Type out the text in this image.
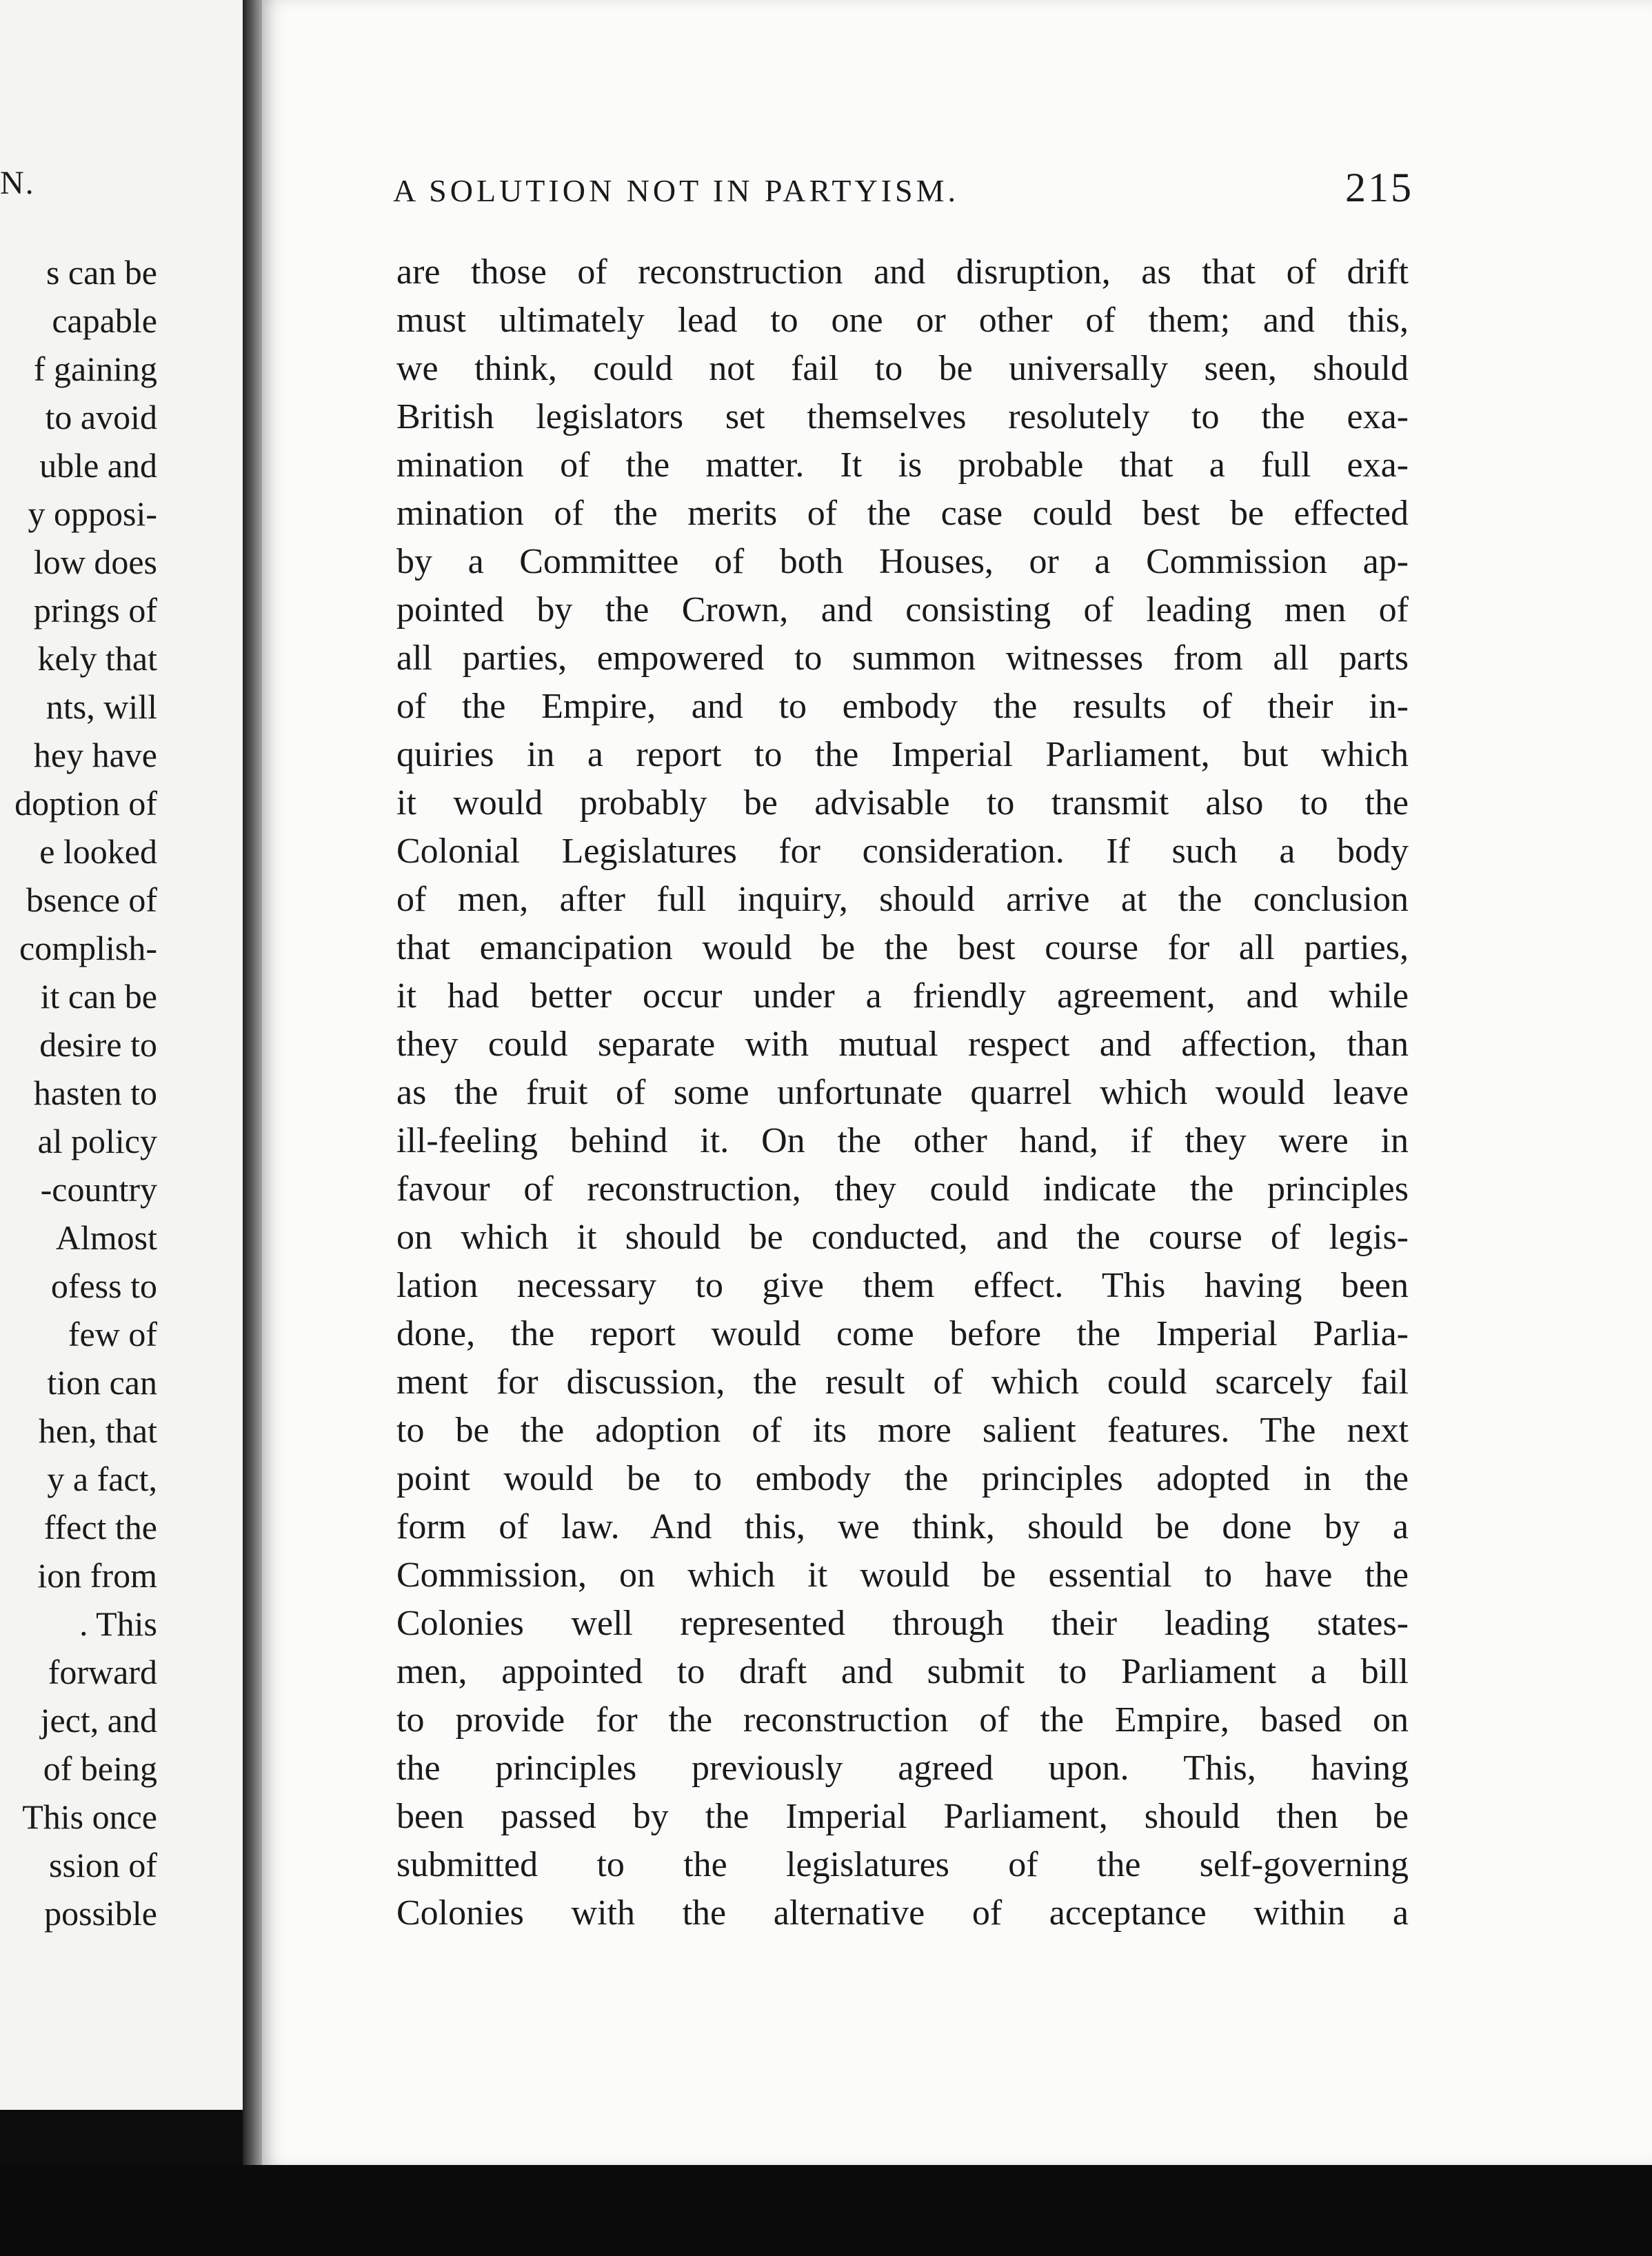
N.
s can be
capable
f gaining
to avoid
uble and
y opposi-
low does
prings of
kely that
nts, will
hey have
doption of
e looked
bsence of
complish-
it can be
desire to
hasten to
al policy
-country
Almost
ofess to
few of
tion can
hen, that
y a fact,
ffect the
ion from
. This
forward
ject, and
of being
This once
ssion of
possible
A SOLUTION NOT IN PARTYISM.	215
are those of reconstruction and disruption, as that of drift
must ultimately lead to one or other of them; and this,
we think, could not fail to be universally seen, should
British legislators set themselves resolutely to the exa-
mination of the matter. It is probable that a full exa-
mination of the merits of the case could best be effected
by a Committee of both Houses, or a Commission ap-
pointed by the Crown, and consisting of leading men of
all parties, empowered to summon witnesses from all parts
of the Empire, and to embody the results of their in-
quiries in a report to the Imperial Parliament, but which
it would probably be advisable to transmit also to the
Colonial Legislatures for consideration. If such a body
of men, after full inquiry, should arrive at the conclusion
that emancipation would be the best course for all parties,
it had better occur under a friendly agreement, and while
they could separate with mutual respect and affection, than
as the fruit of some unfortunate quarrel which would leave
ill-feeling behind it. On the other hand, if they were in
favour of reconstruction, they could indicate the principles
on which it should be conducted, and the course of legis-
lation necessary to give them effect. This having been
done, the report would come before the Imperial Parlia-
ment for discussion, the result of which could scarcely fail
to be the adoption of its more salient features. The next
point would be to embody the principles adopted in the
form of law. And this, we think, should be done by a
Commission, on which it would be essential to have the
Colonies well represented through their leading states-
men, appointed to draft and submit to Parliament a bill
to provide for the reconstruction of the Empire, based on
the principles previously agreed upon. This, having
been passed by the Imperial Parliament, should then be
submitted to the legislatures of the self-governing
Colonies with the alternative of acceptance within a
